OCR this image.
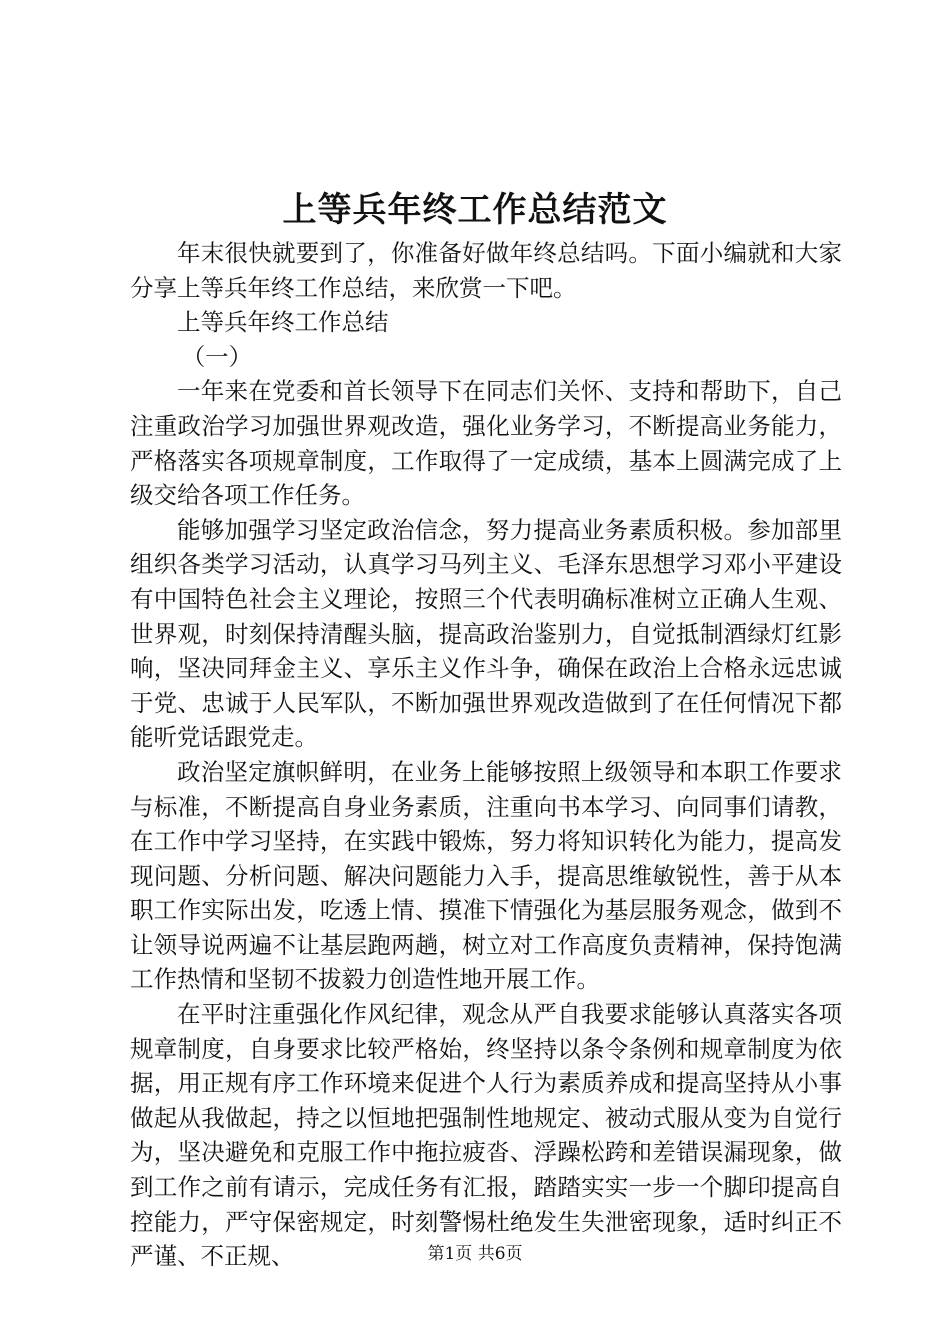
上等兵年终工作总结范文

年末很快就要到了，你准备好做年终总结吗。下面小编就和大家分享上等兵年终工作总结，来欣赏一下吧。

上等兵年终工作总结

（一）

一年来在党委和首长领导下在同志们关怀、支持和帮助下，自己注重政治学习加强世界观改造，强化业务学习，不断提高业务能力，严格落实各项规章制度，工作取得了一定成绩，基本上圆满完成了上级交给各项工作任务。

能够加强学习坚定政治信念，努力提高业务素质积极。参加部里组织各类学习活动，认真学习马列主义、毛泽东思想学习邓小平建设有中国特色社会主义理论，按照三个代表明确标准树立正确人生观、世界观，时刻保持清醒头脑，提高政治鉴别力，自觉抵制酒绿灯红影响，坚决同拜金主义、享乐主义作斗争，确保在政治上合格永远忠诚于党、忠诚于人民军队，不断加强世界观改造做到了在任何情况下都能听党话跟党走。

政治坚定旗帜鲜明，在业务上能够按照上级领导和本职工作要求与标准，不断提高自身业务素质，注重向书本学习、向同事们请教，在工作中学习坚持，在实践中锻炼，努力将知识转化为能力，提高发现问题、分析问题、解决问题能力入手，提高思维敏锐性，善于从本职工作实际出发，吃透上情、摸准下情强化为基层服务观念，做到不让领导说两遍不让基层跑两趟，树立对工作高度负责精神，保持饱满工作热情和坚韧不拔毅力创造性地开展工作。

在平时注重强化作风纪律，观念从严自我要求能够认真落实各项规章制度，自身要求比较严格始，终坚持以条令条例和规章制度为依据，用正规有序工作环境来促进个人行为素质养成和提高坚持从小事做起从我做起，持之以恒地把强制性地规定、被动式服从变为自觉行为，坚决避免和克服工作中拖拉疲沓、浮躁松跨和差错误漏现象，做到工作之前有请示，完成任务有汇报，踏踏实实一步一个脚印提高自控能力，严守保密规定，时刻警惕杜绝发生失泄密现象，适时纠正不严谨、不正规、	第1页 共6页
